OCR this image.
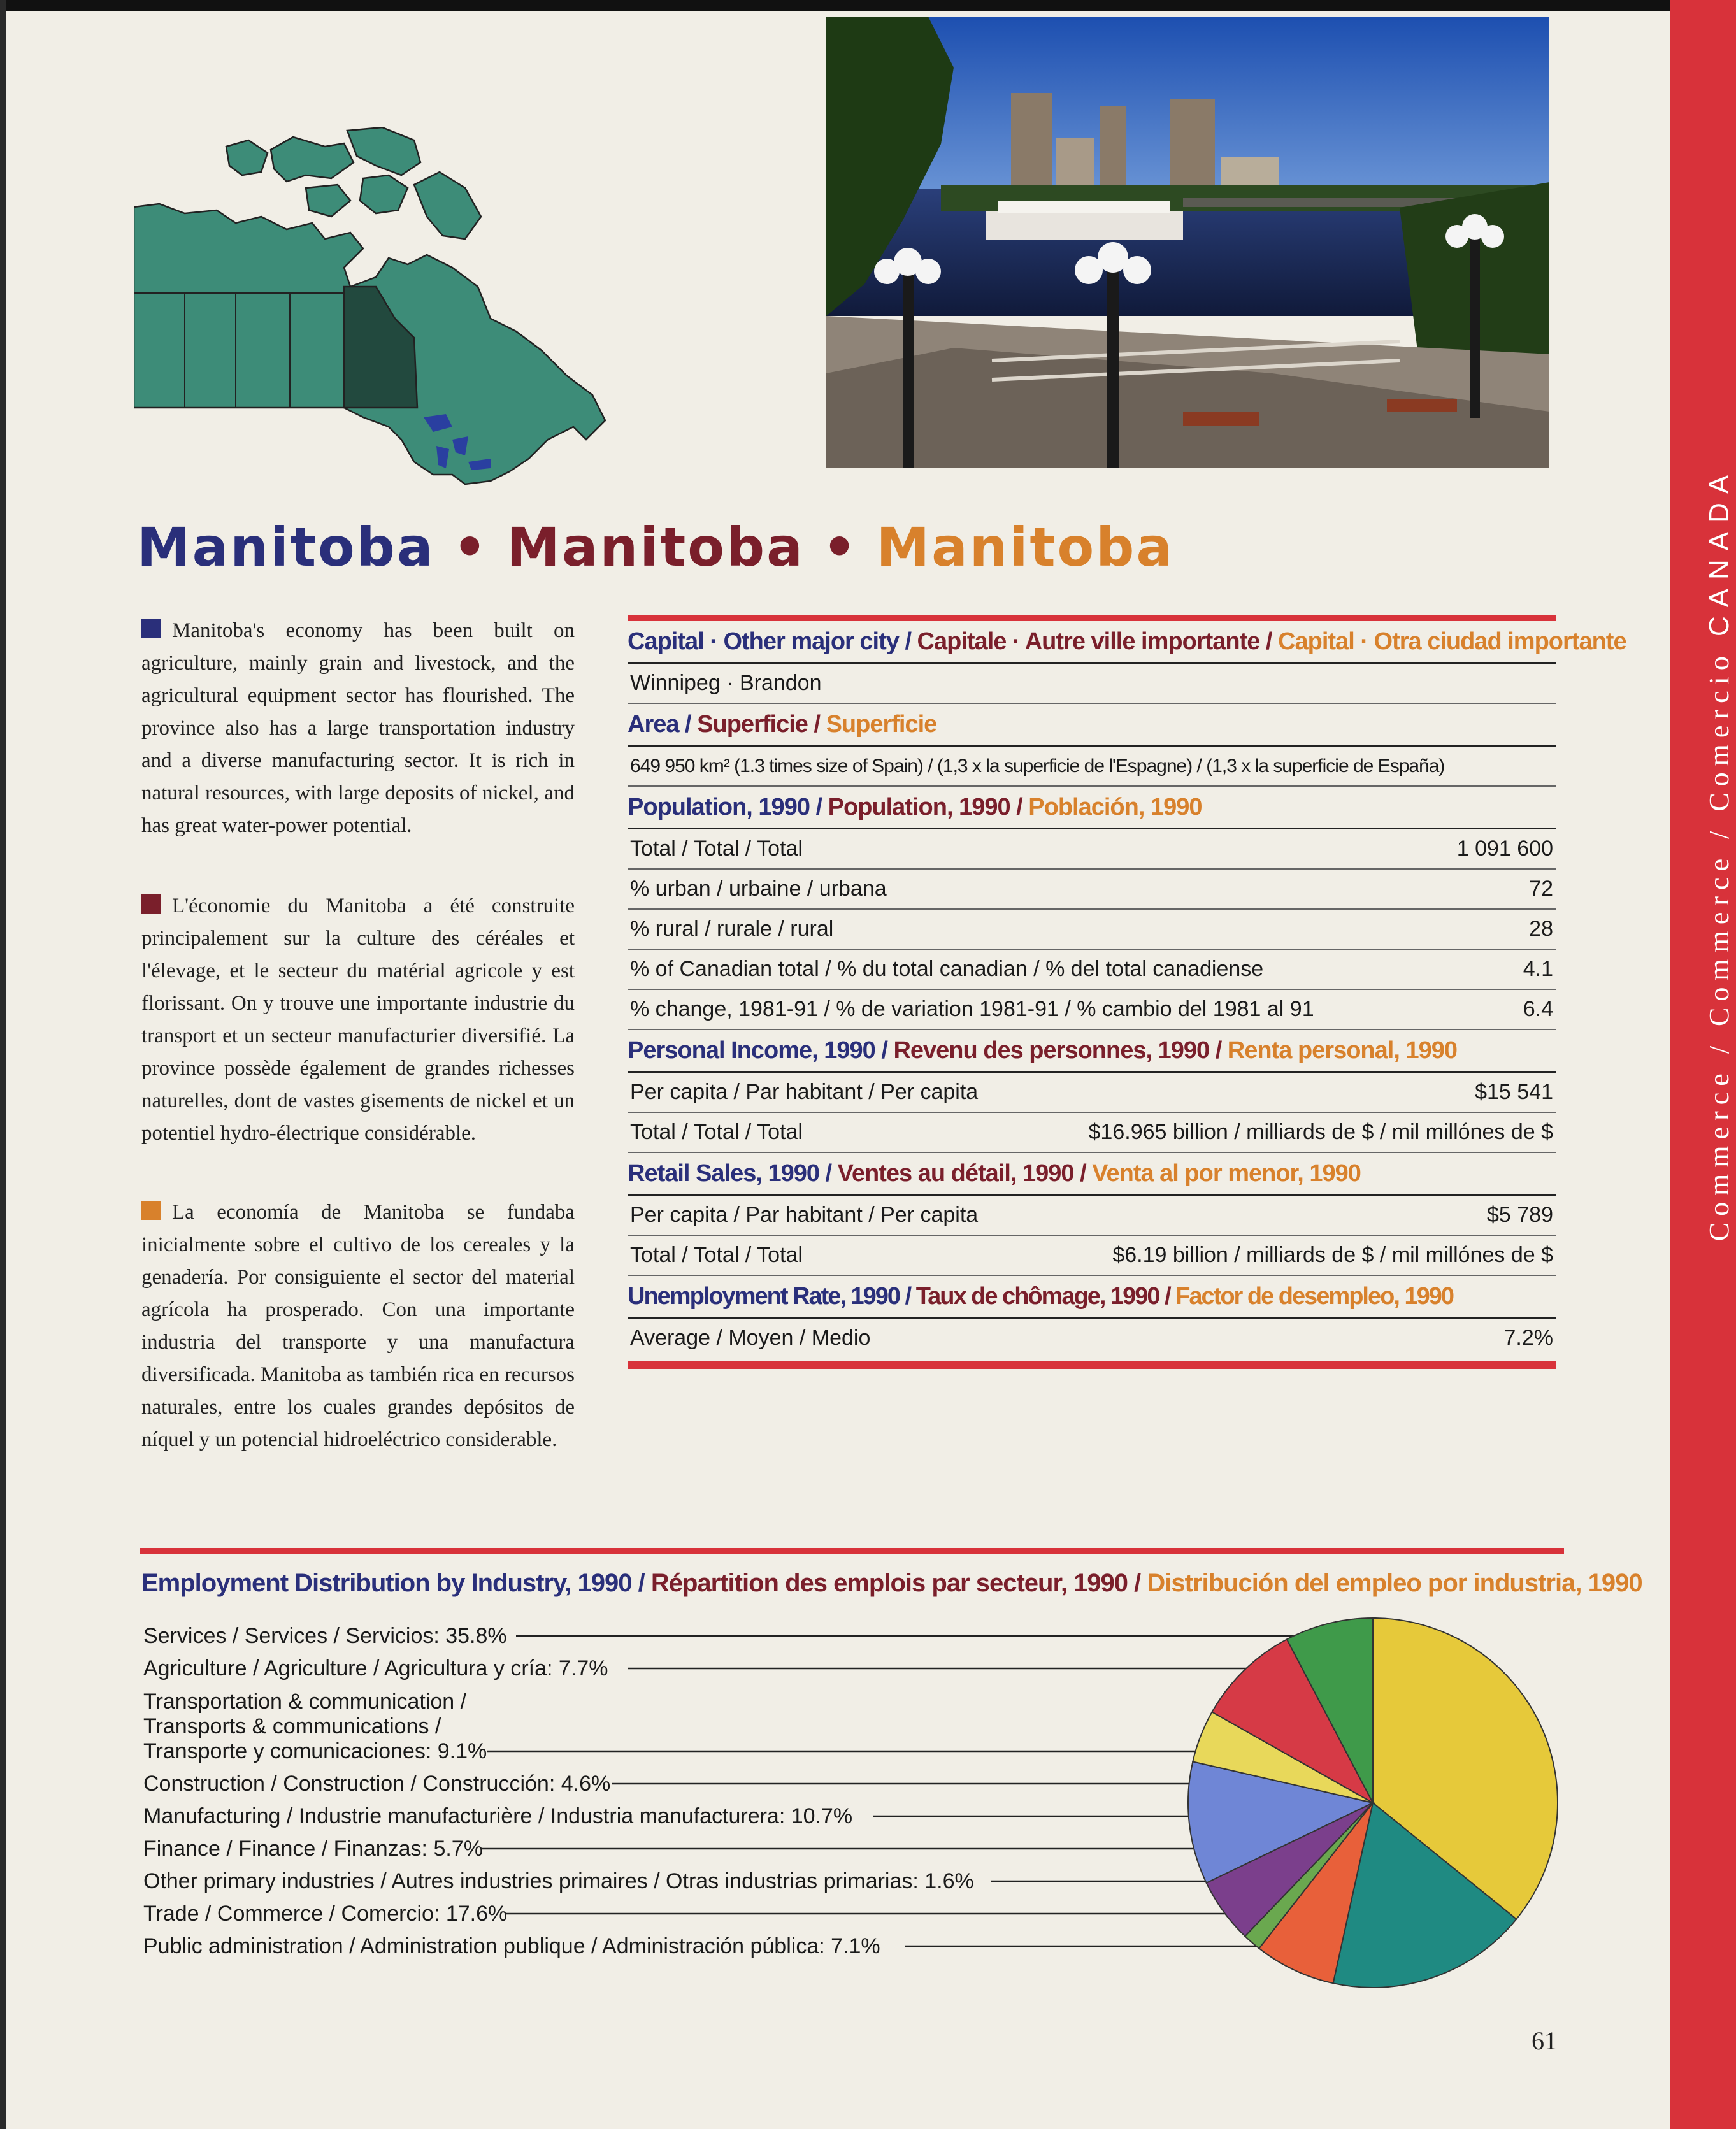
Commerce / Commerce / Comercio CANADA
Manitoba • Manitoba • Manitoba
Manitoba's economy has been built on agriculture, mainly grain and livestock, and the agricultural equipment sector has flourished. The province also has a large transportation industry and a diverse manufacturing sector. It is rich in natural resources, with large deposits of nickel, and has great water-power potential.
L'économie du Manitoba a été construite principalement sur la culture des céréales et l'élevage, et le secteur du matérial agricole y est florissant. On y trouve une importante industrie du transport et un secteur manufacturier diversifié. La province possède également de grandes richesses naturelles, dont de vastes gisements de nickel et un potentiel hydro-électrique considérable.
La economía de Manitoba se fundaba inicialmente sobre el cultivo de los cereales y la genadería. Por consiguiente el sector del material agrícola ha prosperado. Con una importante industria del transporte y una manufactura diversificada. Manitoba as también rica en recursos naturales, entre los cuales grandes depósitos de níquel y un potencial hidroeléctrico considerable.
Capital · Other major city / Capitale · Autre ville importante / Capital · Otra ciudad importante
Winnipeg · Brandon
Area / Superficie / Superficie
649 950 km² (1.3 times size of Spain) / (1,3 x la superficie de l'Espagne) / (1,3 x la superficie de España)
Population, 1990 / Population, 1990 / Población, 1990
Total / Total / Total	1 091 600
% urban / urbaine / urbana	72
% rural / rurale / rural	28
% of Canadian total / % du total canadian / % del total canadiense	4.1
% change, 1981-91 / % de variation 1981-91 / % cambio del 1981 al 91	6.4
Personal Income, 1990 / Revenu des personnes, 1990 / Renta personal, 1990
Per capita / Par habitant / Per capita	$15 541
Total / Total / Total	$16.965 billion / milliards de $ / mil millónes de $
Retail Sales, 1990 / Ventes au détail, 1990 / Venta al por menor, 1990
Per capita / Par habitant / Per capita	$5 789
Total / Total / Total	$6.19 billion / milliards de $ / mil millónes de $
Unemployment Rate, 1990 / Taux de chômage, 1990 / Factor de desempleo, 1990
Average / Moyen / Medio	7.2%
Employment Distribution by Industry, 1990 / Répartition des emplois par secteur, 1990 / Distribución del empleo por industria, 1990
Services / Services / Servicios: 35.8%
Agriculture / Agriculture / Agricultura y cría: 7.7%
Transportation & communication /
Transports & communications /
Transporte y comunicaciones: 9.1%
Construction / Construction / Construcción: 4.6%
Manufacturing / Industrie manufacturière / Industria manufacturera: 10.7%
Finance / Finance / Finanzas: 5.7%
Other primary industries / Autres industries primaires / Otras industrias primarias: 1.6%
Trade / Commerce / Comercio: 17.6%
Public administration / Administration publique / Administración pública: 7.1%
61
